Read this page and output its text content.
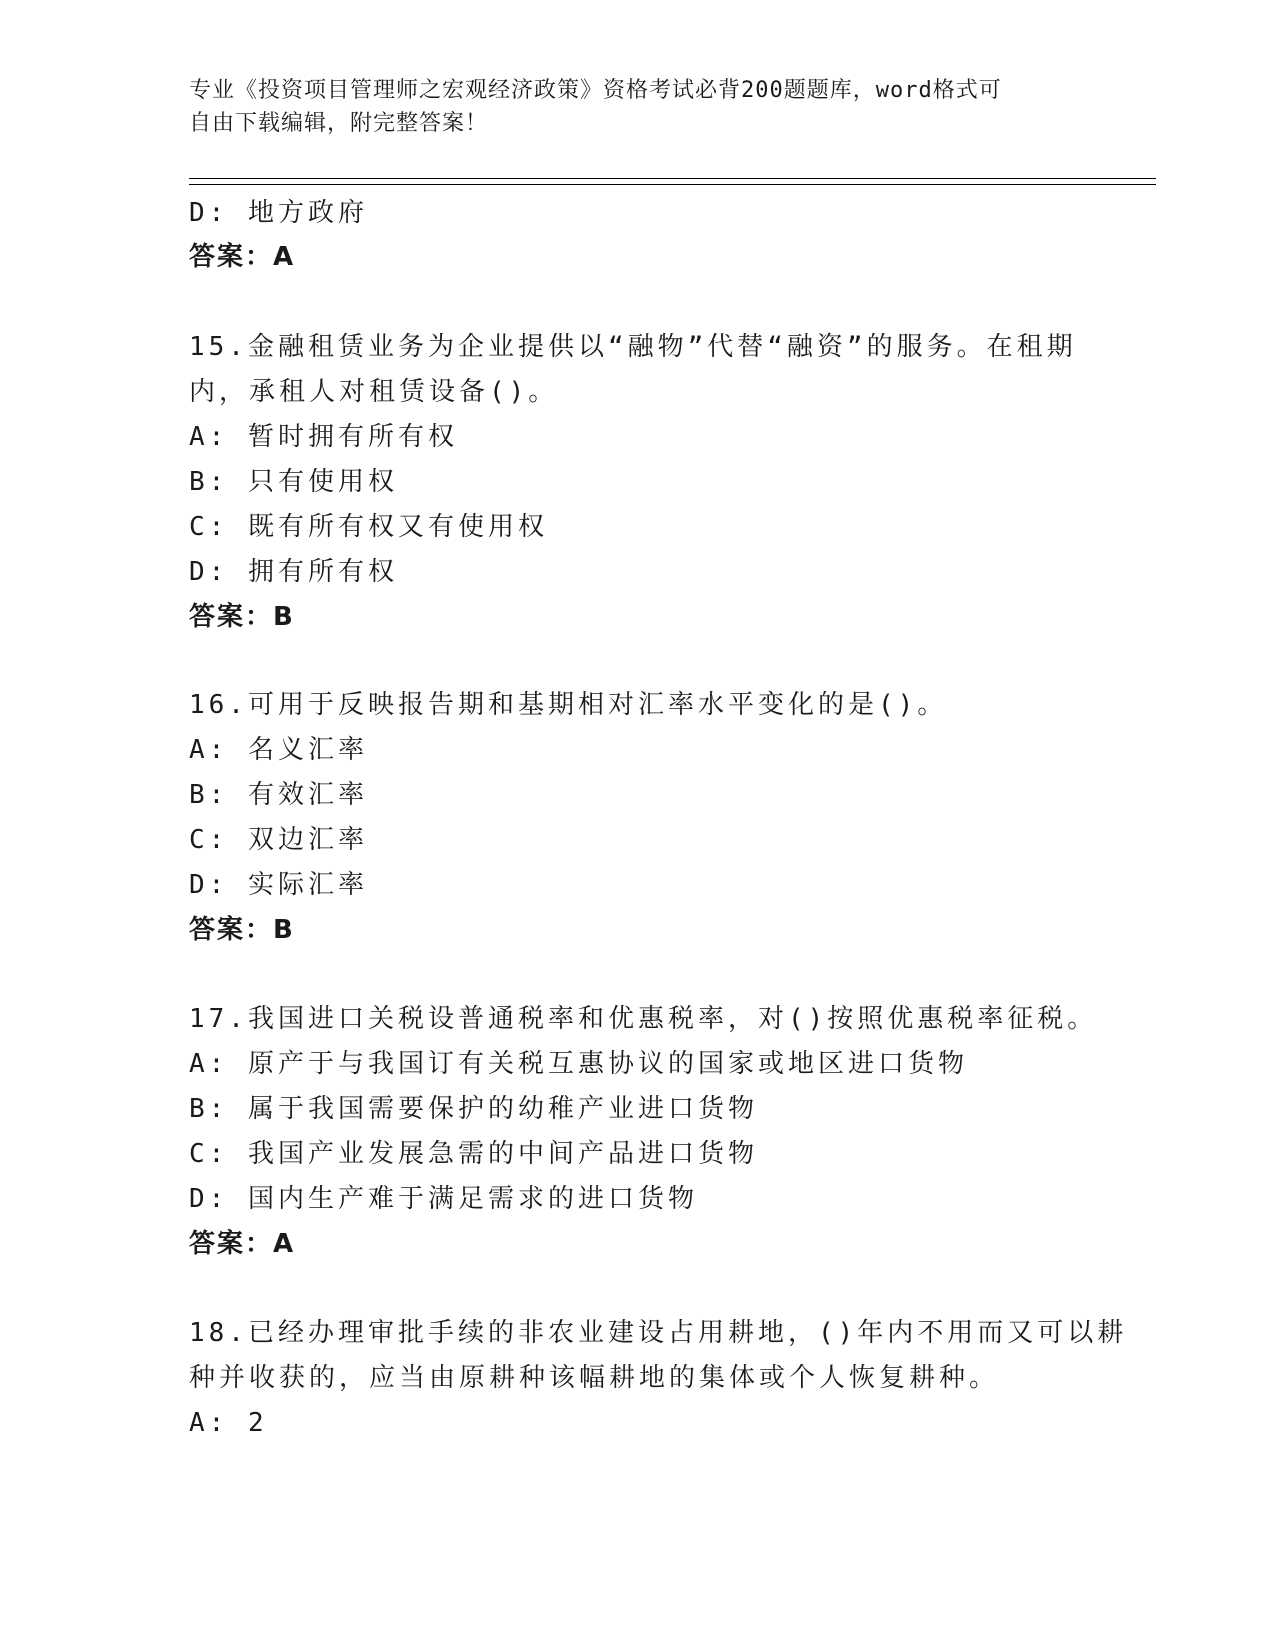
专业《投资项目管理师之宏观经济政策》资格考试必背200题题库，word格式可
自由下载编辑，附完整答案！
D: 地方政府
答案：A
15.金融租赁业务为企业提供以“融物”代替“融资”的服务。在租期
内，承租人对租赁设备()。
A: 暂时拥有所有权
B: 只有使用权
C: 既有所有权又有使用权
D: 拥有所有权
答案：B
16.可用于反映报告期和基期相对汇率水平变化的是()。
A: 名义汇率
B: 有效汇率
C: 双边汇率
D: 实际汇率
答案：B
17.我国进口关税设普通税率和优惠税率，对()按照优惠税率征税。
A: 原产于与我国订有关税互惠协议的国家或地区进口货物
B: 属于我国需要保护的幼稚产业进口货物
C: 我国产业发展急需的中间产品进口货物
D: 国内生产难于满足需求的进口货物
答案：A
18.已经办理审批手续的非农业建设占用耕地，()年内不用而又可以耕
种并收获的，应当由原耕种该幅耕地的集体或个人恢复耕种。
A: 2
